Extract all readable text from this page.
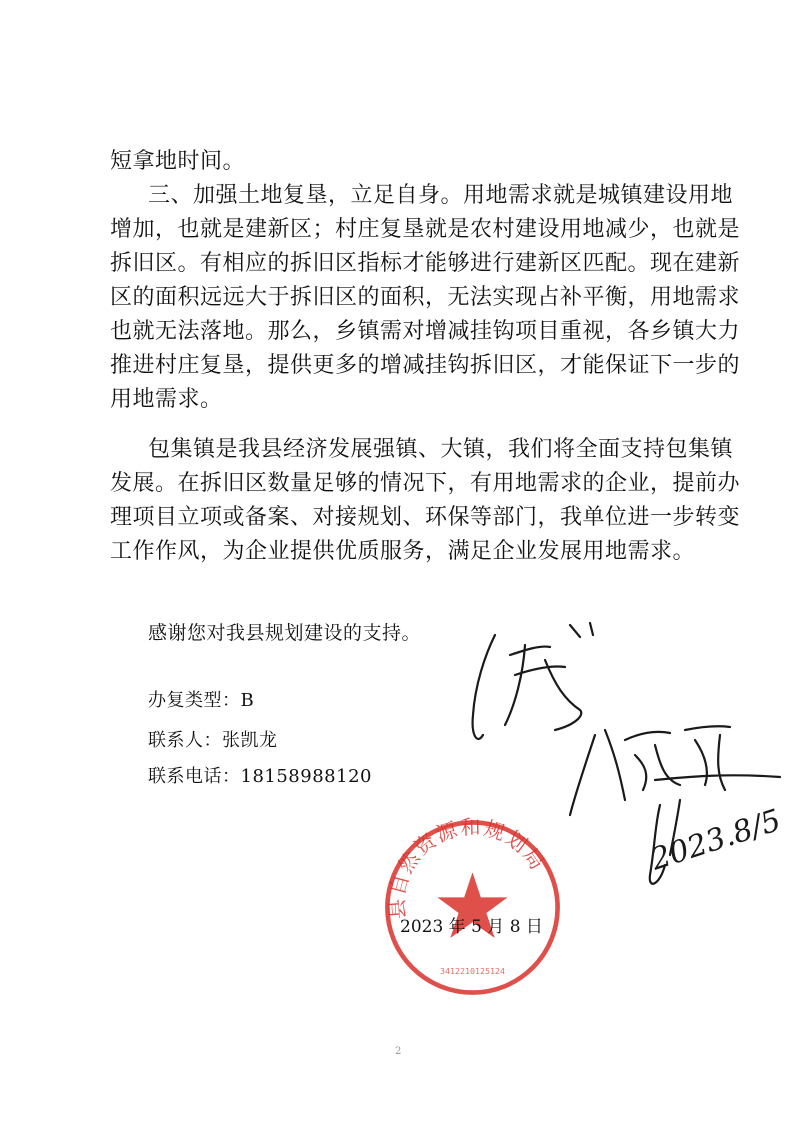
短拿地时间。
三、加强土地复垦，立足自身。用地需求就是城镇建设用地
增加，也就是建新区；村庄复垦就是农村建设用地减少，也就是
拆旧区。有相应的拆旧区指标才能够进行建新区匹配。现在建新
区的面积远远大于拆旧区的面积，无法实现占补平衡，用地需求
也就无法落地。那么，乡镇需对增减挂钩项目重视，各乡镇大力
推进村庄复垦，提供更多的增减挂钩拆旧区，才能保证下一步的
用地需求。
包集镇是我县经济发展强镇、大镇，我们将全面支持包集镇
发展。在拆旧区数量足够的情况下，有用地需求的企业，提前办
理项目立项或备案、对接规划、环保等部门，我单位进一步转变
工作作风，为企业提供优质服务，满足企业发展用地需求。
感谢您对我县规划建设的支持。
办复类型：B
联系人：张凯龙
联系电话：18158988120
县自然资源和规划局
3412210125124
2023 年 5 月 8 日
2023.8/5
2
